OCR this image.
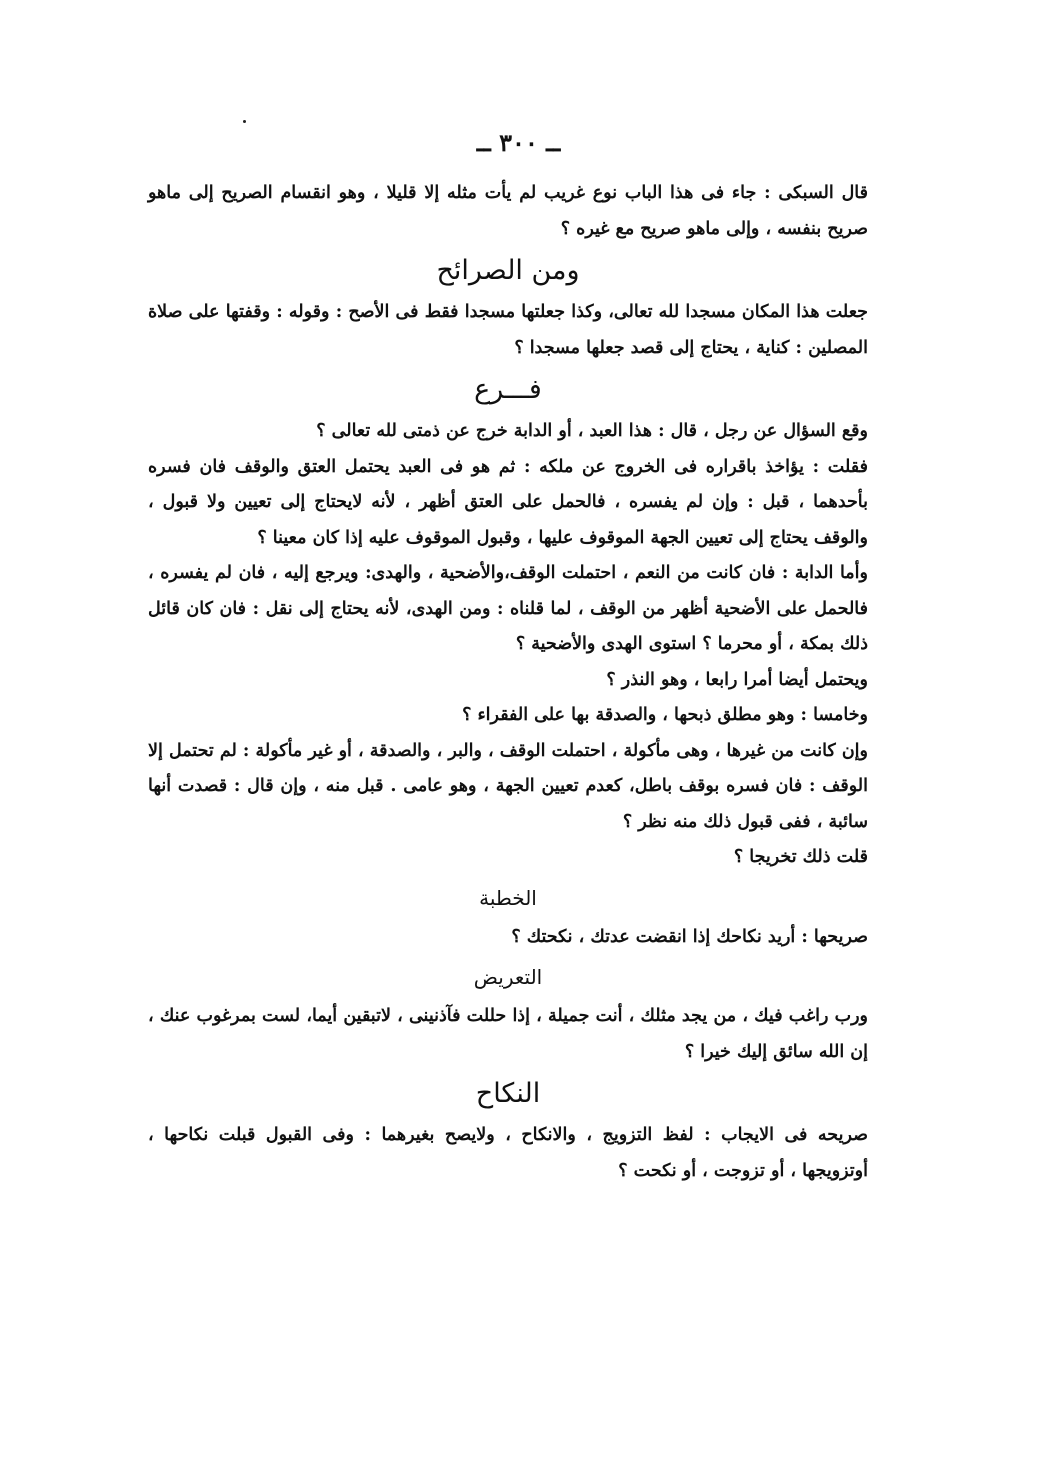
ــ ٣٠٠ ــ

قال السبكى : جاء فى هذا الباب نوع غريب لم يأت مثله إلا قليلا ، وهو انقسام الصريح إلى ماهو صريح بنفسه ، وإلى ماهو صريح مع غيره ؟

ومن الصرائح

جعلت هذا المكان مسجدا لله تعالى، وكذا جعلتها مسجدا فقط فى الأصح : وقوله : وقفتها على صلاة المصلين : كناية ، يحتاج إلى قصد جعلها مسجدا ؟

فـــرع

وقع السؤال عن رجل ، قال : هذا العبد ، أو الدابة خرج عن ذمتى لله تعالى ؟

فقلت : يؤاخذ باقراره فى الخروج عن ملكه : ثم هو فى العبد يحتمل العتق والوقف فان فسره بأحدهما ، قبل : وإن لم يفسره ، فالحمل على العتق أظهر ، لأنه لايحتاج إلى تعيين ولا قبول ، والوقف يحتاج إلى تعيين الجهة الموقوف عليها ، وقبول الموقوف عليه إذا كان معينا ؟

وأما الدابة : فان كانت من النعم ، احتملت الوقف،والأضحية ، والهدى: ويرجع إليه ، فان لم يفسره ، فالحمل على الأضحية أظهر من الوقف ، لما قلناه : ومن الهدى، لأنه يحتاج إلى نقل : فان كان قائل ذلك بمكة ، أو محرما ؟ استوى الهدى والأضحية ؟

ويحتمل أيضا أمرا رابعا ، وهو النذر ؟

وخامسا : وهو مطلق ذبحها ، والصدقة بها على الفقراء ؟

وإن كانت من غيرها ، وهى مأكولة ، احتملت الوقف ، والبر ، والصدقة ، أو غير مأكولة : لم تحتمل إلا الوقف : فان فسره بوقف باطل، كعدم تعيين الجهة ، وهو عامى . قبل منه ، وإن قال : قصدت أنها سائبة ، ففى قبول ذلك منه نظر ؟

قلت ذلك تخريجا ؟

الخطبة

صريحها : أريد نكاحك إذا انقضت عدتك ، نكحتك ؟

التعريض

ورب راغب فيك ، من يجد مثلك ، أنت جميلة ، إذا حللت فآذنينى ، لاتبقين أيما، لست بمرغوب عنك ، إن الله سائق إليك خيرا ؟

النكاح

صريحه فى الايجاب : لفظ التزويج ، والانكاح ، ولايصح بغيرهما : وفى القبول قبلت نكاحها ، أوتزويجها ، أو تزوجت ، أو نكحت ؟
